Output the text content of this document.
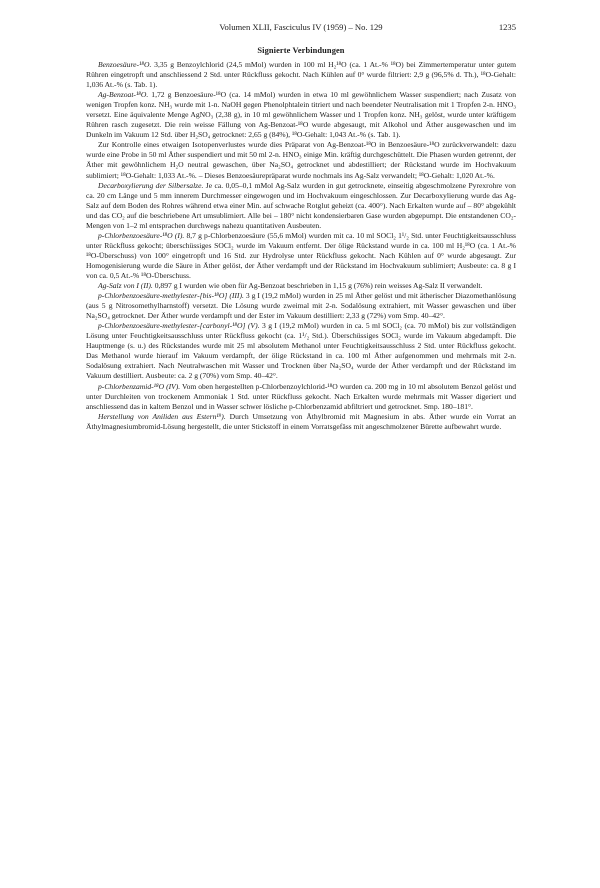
Volumen XLII, Fasciculus IV (1959) – No. 129	1235
Signierte Verbindungen

Benzoesäure-¹⁸O. 3,35 g Benzoylchlorid (24,5 mMol) wurden in 100 ml H₂¹⁸O (ca. 1 At.-% ¹⁸O) bei Zimmertemperatur unter gutem Rühren eingetropft und anschliessend 2 Std. unter Rückfluss gekocht. Nach Kühlen auf 0° wurde filtriert: 2,9 g (96,5% d. Th.), ¹⁸O-Gehalt: 1,036 At.-% (s. Tab. 1).

Ag-Benzoat-¹⁸O. 1,72 g Benzoesäure-¹⁸O (ca. 14 mMol) wurden in etwa 10 ml gewöhnlichem Wasser suspendiert; nach Zusatz von wenigen Tropfen konz. NH₃ wurde mit 1-n. NaOH gegen Phenolphtalein titriert und nach beendeter Neutralisation mit 1 Tropfen 2-n. HNO₃ versetzt. Eine äquivalente Menge AgNO₃ (2,38 g), in 10 ml gewöhnlichem Wasser und 1 Tropfen konz. NH₃ gelöst, wurde unter kräftigem Rühren rasch zugesetzt. Die rein weisse Fällung von Ag-Benzoat-¹⁸O wurde abgesaugt, mit Alkohol und Äther ausgewaschen und im Dunkeln im Vakuum 12 Std. über H₂SO₄ getrocknet: 2,65 g (84%), ¹⁸O-Gehalt: 1,043 At.-% (s. Tab. 1).

Zur Kontrolle eines etwaigen Isotopenverlustes wurde dies Präparat von Ag-Benzoat-¹⁸O in Benzoesäure-¹⁸O zurückverwandelt: dazu wurde eine Probe in 50 ml Äther suspendiert und mit 50 ml 2-n. HNO₃ einige Min. kräftig durchgeschüttelt. Die Phasen wurden getrennt, der Äther mit gewöhnlichem H₂O neutral gewaschen, über Na₂SO₄ getrocknet und abdestilliert; der Rückstand wurde im Hochvakuum sublimiert; ¹⁸O-Gehalt: 1,033 At.-%. – Dieses Benzoesäurepräparat wurde nochmals ins Ag-Salz verwandelt; ¹⁸O-Gehalt: 1,020 At.-%.

Decarboxylierung der Silbersalze. Je ca. 0,05–0,1 mMol Ag-Salz wurden in gut getrocknete, einseitig abgeschmolzene Pyrexrohre von ca. 20 cm Länge und 5 mm innerem Durchmesser eingewogen und im Hochvakuum eingeschlossen. Zur Decarboxylierung wurde das Ag-Salz auf dem Boden des Rohres während etwa einer Min. auf schwache Rotglut geheizt (ca. 400°). Nach Erkalten wurde auf – 80° abgekühlt und das CO₂ auf die beschriebene Art umsublimiert. Alle bei – 180° nicht kondensierbaren Gase wurden abgepumpt. Die entstandenen CO₂-Mengen von 1–2 ml entsprachen durchwegs nahezu quantitativen Ausbeuten.

p-Chlorbenzoesäure-¹⁸O (I). 8,7 g p-Chlorbenzoesäure (55,6 mMol) wurden mit ca. 10 ml SOCl₂ 1¹/₂ Std. unter Feuchtigkeitsausschluss unter Rückfluss gekocht; überschüssiges SOCl₂ wurde im Vakuum entfernt. Der ölige Rückstand wurde in ca. 100 ml H₂¹⁸O (ca. 1 At.-% ¹⁸O-Überschuss) von 100° eingetropft und 16 Std. zur Hydrolyse unter Rückfluss gekocht. Nach Kühlen auf 0° wurde abgesaugt. Zur Homogenisierung wurde die Säure in Äther gelöst, der Äther verdampft und der Rückstand im Hochvakuum sublimiert; Ausbeute: ca. 8 g I von ca. 0,5 At.-% ¹⁸O-Überschuss.

Ag-Salz von I (II). 0,897 g I wurden wie oben für Ag-Benzoat beschrieben in 1,15 g (76%) rein weisses Ag-Salz II verwandelt.

p-Chlorbenzoesäure-methylester-[bis-¹⁸O] (III). 3 g I (19,2 mMol) wurden in 25 ml Äther gelöst und mit ätherischer Diazomethanlösung (aus 5 g Nitrosomethylharnstoff) versetzt. Die Lösung wurde zweimal mit 2-n. Sodalösung extrahiert, mit Wasser gewaschen und über Na₂SO₄ getrocknet. Der Äther wurde verdampft und der Ester im Vakuum destilliert: 2,33 g (72%) vom Smp. 40–42°.

p-Chlorbenzoesäure-methylester-[carbonyl-¹⁸O] (V). 3 g I (19,2 mMol) wurden in ca. 5 ml SOCl₂ (ca. 70 mMol) bis zur vollständigen Lösung unter Feuchtigkeitsausschluss unter Rückfluss gekocht (ca. 1¹/₂ Std.). Überschüssiges SOCl₂ wurde im Vakuum abgedampft. Die Hauptmenge (s. u.) des Rückstandes wurde mit 25 ml absolutem Methanol unter Feuchtigkeitsausschluss 2 Std. unter Rückfluss gekocht. Das Methanol wurde hierauf im Vakuum verdampft, der ölige Rückstand in ca. 100 ml Äther aufgenommen und mehrmals mit 2-n. Sodalösung extrahiert. Nach Neutralwaschen mit Wasser und Trocknen über Na₂SO₄ wurde der Äther verdampft und der Rückstand im Vakuum destilliert. Ausbeute: ca. 2 g (70%) vom Smp. 40–42°.

p-Chlorbenzamid-¹⁸O (IV). Vom oben hergestellten p-Chlorbenzoylchlorid-¹⁸O wurden ca. 200 mg in 10 ml absolutem Benzol gelöst und unter Durchleiten von trockenem Ammoniak 1 Std. unter Rückfluss gekocht. Nach Erkalten wurde mehrmals mit Wasser digeriert und anschliessend das in kaltem Benzol und in Wasser schwer lösliche p-Chlorbenzamid abfiltriert und getrocknet. Smp. 180–181°.

Herstellung von Aniliden aus Estern¹⁹). Durch Umsetzung von Äthylbromid mit Magnesium in abs. Äther wurde ein Vorrat an Äthylmagnesiumbromid-Lösung hergestellt, die unter Stickstoff in einem Vorratsgefäss mit angeschmolzener Bürette aufbewahrt wurde.
